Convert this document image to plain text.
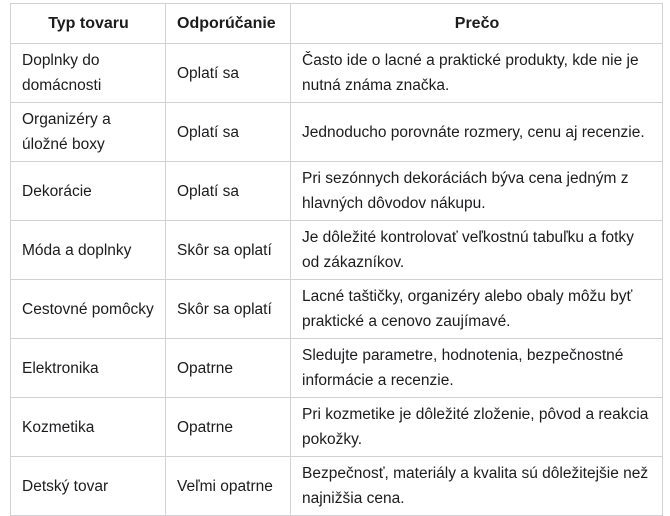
Typ tovaru	Odporúčanie	Prečo
Doplnky do domácnosti	Oplatí sa	Často ide o lacné a praktické produkty, kde nie je nutná známa značka.
Organizéry a úložné boxy	Oplatí sa	Jednoducho porovnáte rozmery, cenu aj recenzie.
Dekorácie	Oplatí sa	Pri sezónnych dekoráciách býva cena jedným z hlavných dôvodov nákupu.
Móda a doplnky	Skôr sa oplatí	Je dôležité kontrolovať veľkostnú tabuľku a fotky od zákazníkov.
Cestovné pomôcky	Skôr sa oplatí	Lacné taštičky, organizéry alebo obaly môžu byť praktické a cenovo zaujímavé.
Elektronika	Opatrne	Sledujte parametre, hodnotenia, bezpečnostné informácie a recenzie.
Kozmetika	Opatrne	Pri kozmetike je dôležité zloženie, pôvod a reakcia pokožky.
Detský tovar	Veľmi opatrne	Bezpečnosť, materiály a kvalita sú dôležitejšie než najnižšia cena.
